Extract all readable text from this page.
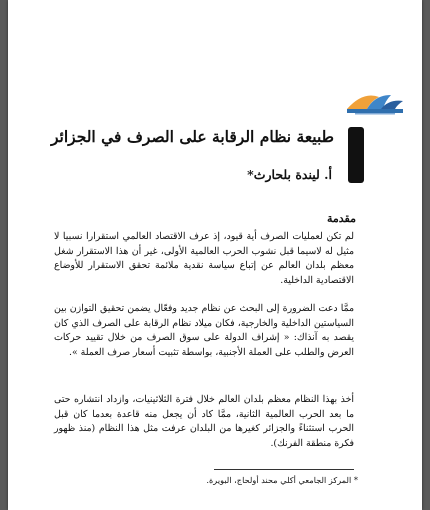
طبيعة نظام الرقابة على الصرف في الجزائر
أ. ليندة بلحارث*
مقدمة
لم تكن لعمليات الصرف أية قيود، إذ عرف الاقتصاد العالمي استقرارا نسبيا لا مثيل له لاسيما قبل نشوب الحرب العالمية الأولى، غير أن هذا الاستقرار شغل معظم بلدان العالم عن إتباع سياسة نقدية ملائمة تحقق الاستقرار للأوضاع الاقتصادية الداخلية.
ممَّا دعت الضرورة إلى البحث عن نظام جديد وفعّال يضمن تحقيق التوازن بين السياستين الداخلية والخارجية، فكان ميلاد نظام الرقابة على الصرف الذي كان يقصد به آنذاك: « إشراف الدولة على سوق الصرف من خلال تقييد حركات العرض والطلب على العملة الأجنبية، بواسطة تثبيت أسعار صرف العملة ».
أخذ بهذا النظام معظم بلدان العالم خلال فترة الثلاثينيات، وازداد انتشاره حتى ما بعد الحرب العالمية الثانية، ممَّا كاد أن يجعل منه قاعدة بعدما كان قبل الحرب استثناءً والجزائر كغيرها من البلدان عرفت مثل هذا النظام (منذ ظهور فكرة منطقة الفرنك).
* المركز الجامعي أكلي محند أولحاج، البويرة.
